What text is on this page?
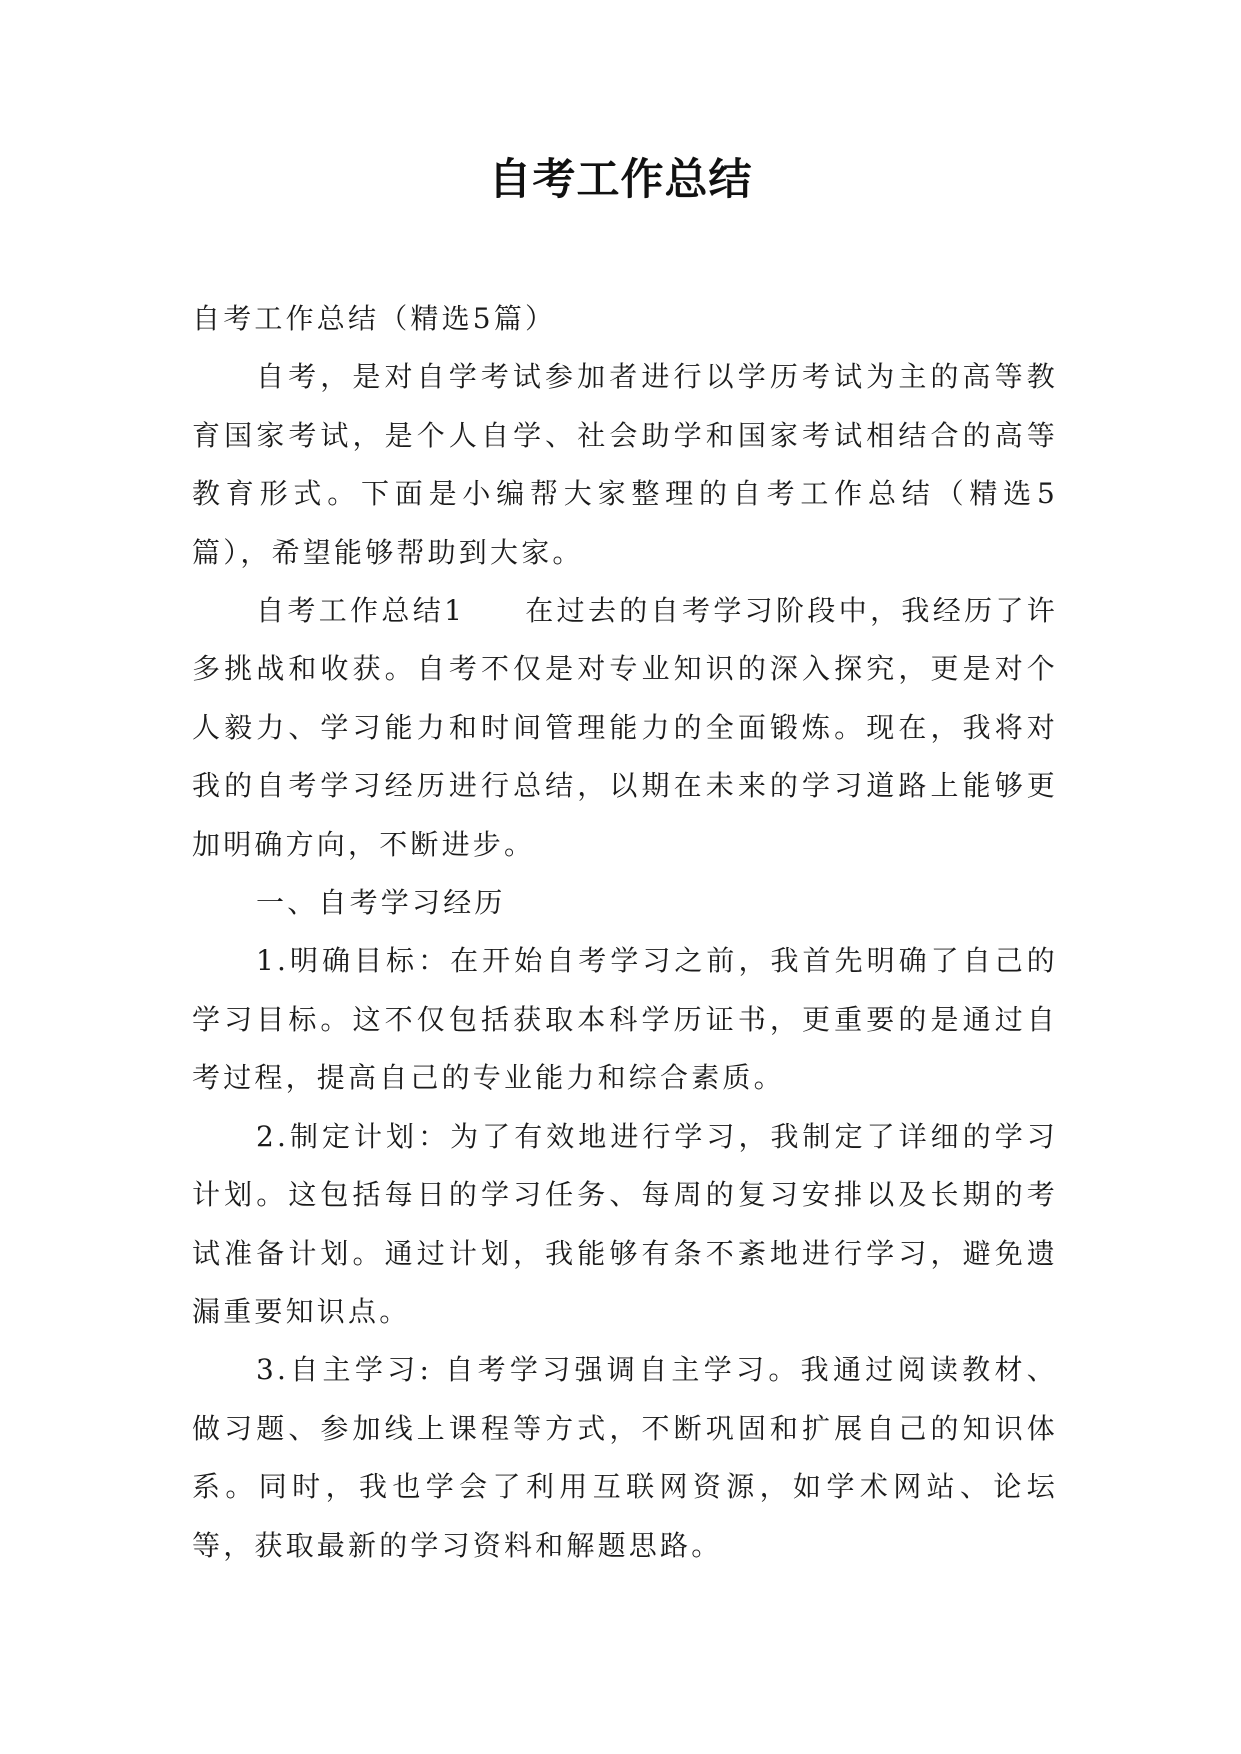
自考工作总结

自考工作总结（精选5篇）

自考，是对自学考试参加者进行以学历考试为主的高等教育国家考试，是个人自学、社会助学和国家考试相结合的高等教育形式。下面是小编帮大家整理的自考工作总结（精选5篇），希望能够帮助到大家。

自考工作总结1 在过去的自考学习阶段中，我经历了许多挑战和收获。自考不仅是对专业知识的深入探究，更是对个人毅力、学习能力和时间管理能力的全面锻炼。现在，我将对我的自考学习经历进行总结，以期在未来的学习道路上能够更加明确方向，不断进步。

一、自考学习经历

1.明确目标：在开始自考学习之前，我首先明确了自己的学习目标。这不仅包括获取本科学历证书，更重要的是通过自考过程，提高自己的专业能力和综合素质。

2.制定计划：为了有效地进行学习，我制定了详细的学习计划。这包括每日的学习任务、每周的复习安排以及长期的考试准备计划。通过计划，我能够有条不紊地进行学习，避免遗漏重要知识点。

3.自主学习: 自考学习强调自主学习。我通过阅读教材、做习题、参加线上课程等方式，不断巩固和扩展自己的知识体系。同时，我也学会了利用互联网资源，如学术网站、论坛等，获取最新的学习资料和解题思路。
